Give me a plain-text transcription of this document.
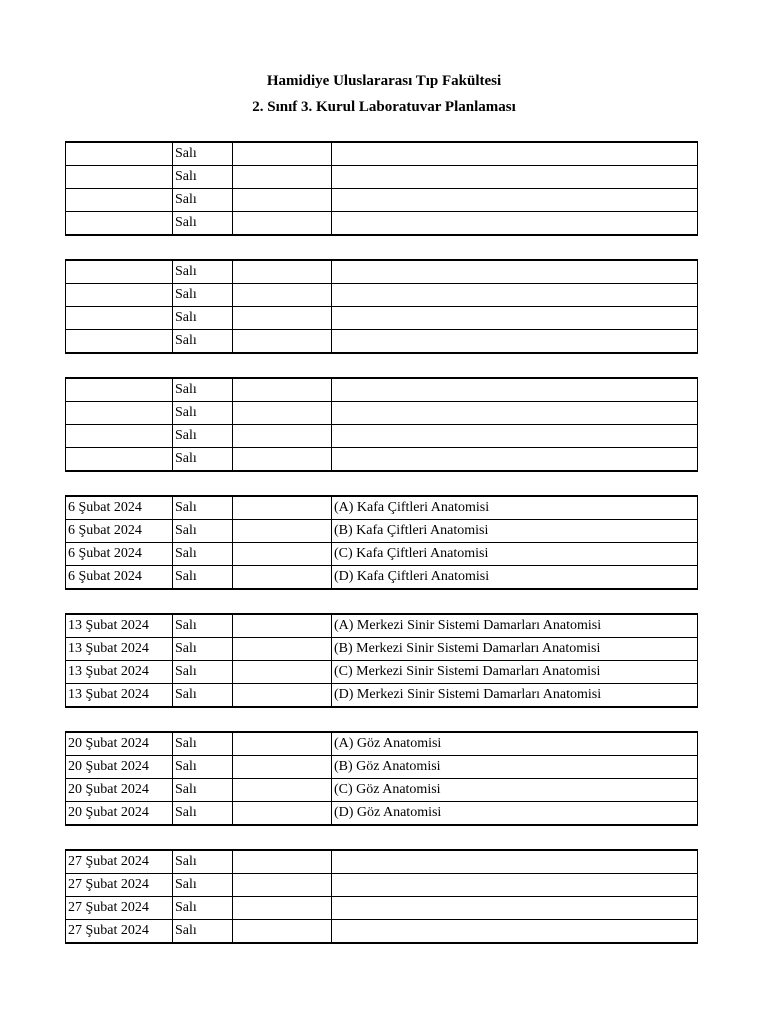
Hamidiye Uluslararası Tıp Fakültesi
2. Sınıf 3. Kurul Laboratuvar Planlaması
	Salı		
	Salı		
	Salı		
	Salı		
	Salı		
	Salı		
	Salı		
	Salı		
	Salı		
	Salı		
	Salı		
	Salı		
6 Şubat 2024	Salı		(A) Kafa Çiftleri Anatomisi
6 Şubat 2024	Salı		(B) Kafa Çiftleri Anatomisi
6 Şubat 2024	Salı		(C) Kafa Çiftleri Anatomisi
6 Şubat 2024	Salı		(D) Kafa Çiftleri Anatomisi
13 Şubat 2024	Salı		(A) Merkezi Sinir Sistemi Damarları Anatomisi
13 Şubat 2024	Salı		(B) Merkezi Sinir Sistemi Damarları Anatomisi
13 Şubat 2024	Salı		(C) Merkezi Sinir Sistemi Damarları Anatomisi
13 Şubat 2024	Salı		(D) Merkezi Sinir Sistemi Damarları Anatomisi
20 Şubat 2024	Salı		(A) Göz Anatomisi
20 Şubat 2024	Salı		(B) Göz Anatomisi
20 Şubat 2024	Salı		(C) Göz Anatomisi
20 Şubat 2024	Salı		(D) Göz Anatomisi
27 Şubat 2024	Salı		
27 Şubat 2024	Salı		
27 Şubat 2024	Salı		
27 Şubat 2024	Salı		
